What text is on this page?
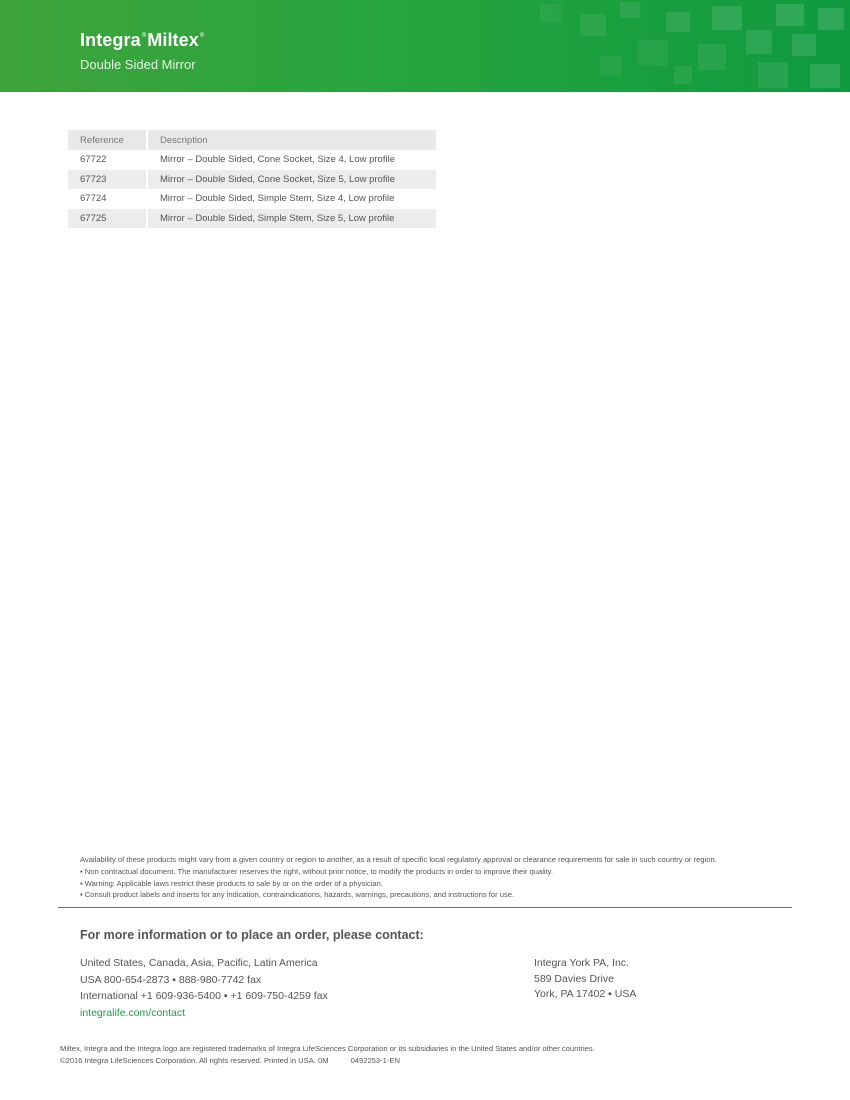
Integra®Miltex®
Double Sided Mirror
Reference	Description
67722	Mirror – Double Sided, Cone Socket, Size 4, Low profile
67723	Mirror – Double Sided, Cone Socket, Size 5, Low profile
67724	Mirror – Double Sided, Simple Stem, Size 4, Low profile
67725	Mirror – Double Sided, Simple Stem, Size 5, Low profile
Availability of these products might vary from a given country or region to another, as a result of specific local regulatory approval or clearance requirements for sale in such country or region.
▪ Non contractual document. The manufacturer reserves the right, without prior notice, to modify the products in order to improve their quality.
▪ Warning: Applicable laws restrict these products to sale by or on the order of a physician.
▪ Consult product labels and inserts for any indication, contraindications, hazards, warnings, precautions, and instructions for use.
For more information or to place an order, please contact:
United States, Canada, Asia, Pacific, Latin America
USA 800-654-2873 ▪ 888-980-7742 fax
International +1 609-936-5400 ▪ +1 609-750-4259 fax
integralife.com/contact
Integra York PA, Inc.
589 Davies Drive
York, PA 17402 ▪ USA
Miltex, Integra and the Integra logo are registered trademarks of Integra LifeSciences Corporation or its subsidiaries in the United States and/or other countries.
©2016 Integra LifeSciences Corporation. All rights reserved. Printed in USA. 0M	0492253-1-EN
